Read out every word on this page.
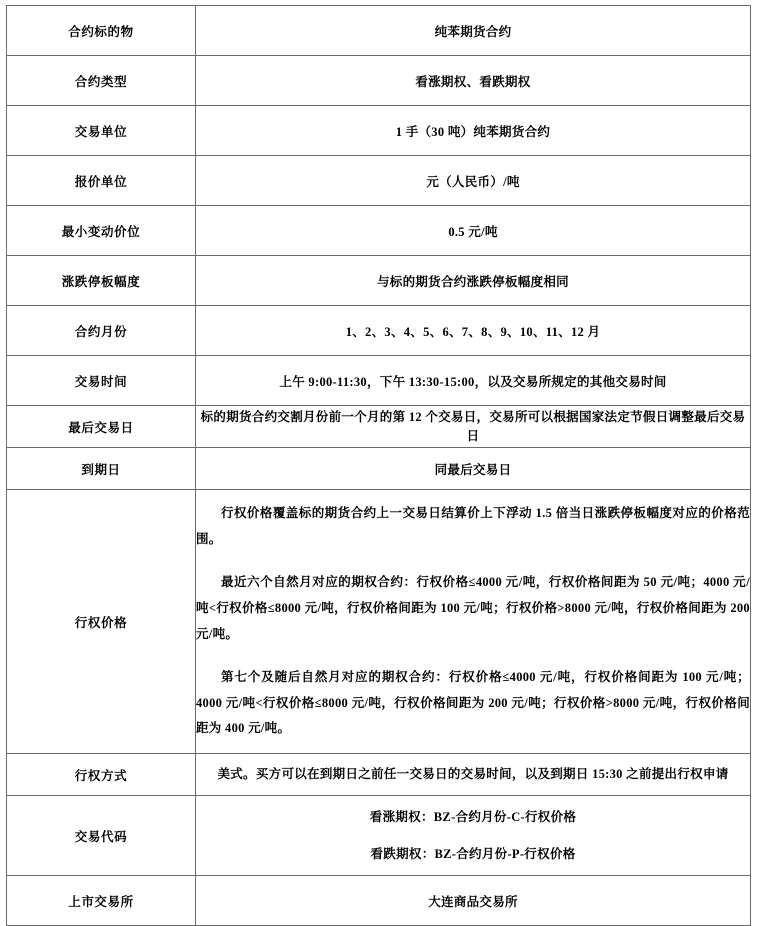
合约标的物	纯苯期货合约
合约类型	看涨期权、看跌期权
交易单位	1 手（30 吨）纯苯期货合约
报价单位	元（人民币）/吨
最小变动价位	0.5 元/吨
涨跌停板幅度	与标的期货合约涨跌停板幅度相同
合约月份	1、2、3、4、5、6、7、8、9、10、11、12 月
交易时间	上午 9:00-11:30，下午 13:30-15:00，以及交易所规定的其他交易时间
最后交易日	标的期货合约交割月份前一个月的第 12 个交易日，交易所可以根据国家法定节假日调整最后交易日
到期日	同最后交易日
行权价格	行权价格覆盖标的期货合约上一交易日结算价上下浮动 1.5 倍当日涨跌停板幅度对应的价格范围。

最近六个自然月对应的期权合约：行权价格≤4000 元/吨，行权价格间距为 50 元/吨；4000 元/吨<行权价格≤8000 元/吨，行权价格间距为 100 元/吨；行权价格>8000 元/吨，行权价格间距为 200 元/吨。

第七个及随后自然月对应的期权合约：行权价格≤4000 元/吨，行权价格间距为 100 元/吨；4000 元/吨<行权价格≤8000 元/吨，行权价格间距为 200 元/吨；行权价格>8000 元/吨，行权价格间距为 400 元/吨。

行权方式	美式。买方可以在到期日之前任一交易日的交易时间，以及到期日 15:30 之前提出行权申请
交易代码	看涨期权：BZ-合约月份-C-行权价格
看跌期权：BZ-合约月份-P-行权价格

上市交易所	大连商品交易所
